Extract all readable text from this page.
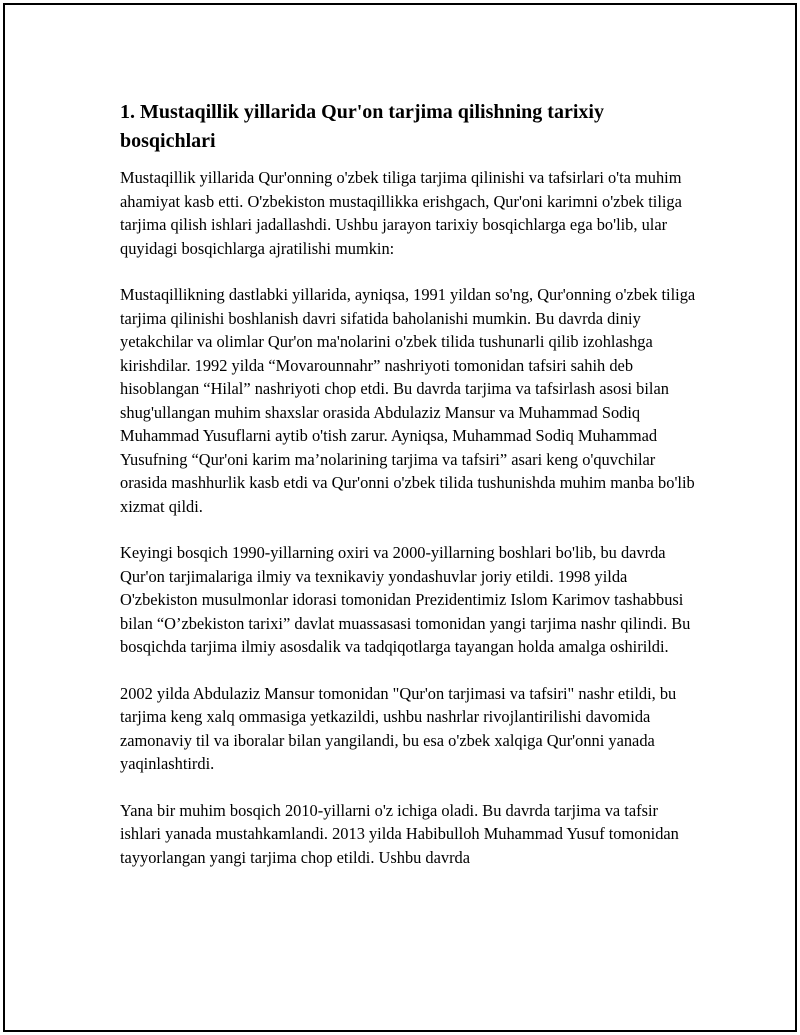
1. Mustaqillik yillarida Qur'on tarjima qilishning tarixiy bosqichlari

Mustaqillik yillarida Qur'onning o'zbek tiliga tarjima qilinishi va tafsirlari o'ta muhim ahamiyat kasb etti. O'zbekiston mustaqillikka erishgach, Qur'oni karimni o'zbek tiliga tarjima qilish ishlari jadallashdi. Ushbu jarayon tarixiy bosqichlarga ega bo'lib, ular quyidagi bosqichlarga ajratilishi mumkin:

Mustaqillikning dastlabki yillarida, ayniqsa, 1991 yildan so'ng, Qur'onning o'zbek tiliga tarjima qilinishi boshlanish davri sifatida baholanishi mumkin. Bu davrda diniy yetakchilar va olimlar Qur'on ma'nolarini o'zbek tilida tushunarli qilib izohlashga kirishdilar. 1992 yilda “Movarounnahr” nashriyoti tomonidan tafsiri sahih deb hisoblangan “Hilal” nashriyoti chop etdi. Bu davrda tarjima va tafsirlash asosi bilan shug'ullangan muhim shaxslar orasida Abdulaziz Mansur va Muhammad Sodiq Muhammad Yusuflarni aytib o'tish zarur. Ayniqsa, Muhammad Sodiq Muhammad Yusufning “Qur'oni karim ma’nolarining tarjima va tafsiri” asari keng o'quvchilar orasida mashhurlik kasb etdi va Qur'onni o'zbek tilida tushunishda muhim manba bo'lib xizmat qildi.

Keyingi bosqich 1990-yillarning oxiri va 2000-yillarning boshlari bo'lib, bu davrda Qur'on tarjimalariga ilmiy va texnikaviy yondashuvlar joriy etildi. 1998 yilda O'zbekiston musulmonlar idorasi tomonidan Prezidentimiz Islom Karimov tashabbusi bilan “O’zbekiston tarixi” davlat muassasasi tomonidan yangi tarjima nashr qilindi. Bu bosqichda tarjima ilmiy asosdalik va tadqiqotlarga tayangan holda amalga oshirildi.

2002 yilda Abdulaziz Mansur tomonidan "Qur'on tarjimasi va tafsiri" nashr etildi, bu tarjima keng xalq ommasiga yetkazildi, ushbu nashrlar rivojlantirilishi davomida zamonaviy til va iboralar bilan yangilandi, bu esa o'zbek xalqiga Qur'onni yanada yaqinlashtirdi.

Yana bir muhim bosqich 2010-yillarni o'z ichiga oladi. Bu davrda tarjima va tafsir ishlari yanada mustahkamlandi. 2013 yilda Habibulloh Muhammad Yusuf tomonidan tayyorlangan yangi tarjima chop etildi. Ushbu davrda
